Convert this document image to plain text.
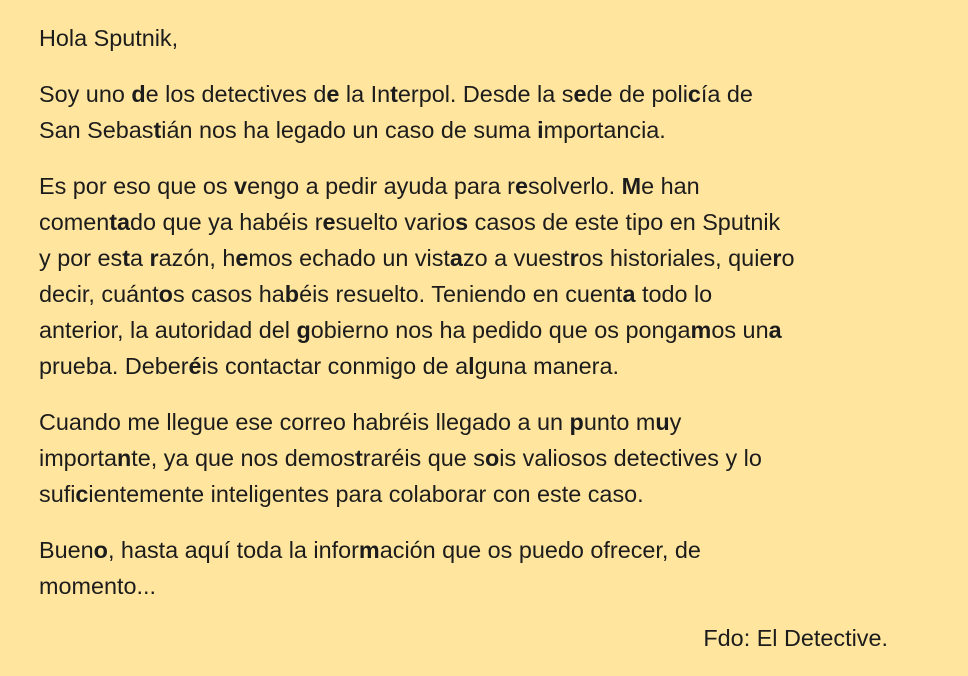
Hola Sputnik,
Soy uno de los detectives de la Interpol. Desde la sede de policía de
San Sebastián nos ha legado un caso de suma importancia.
Es por eso que os vengo a pedir ayuda para resolverlo. Me han
comentado que ya habéis resuelto varios casos de este tipo en Sputnik
y por esta razón, hemos echado un vistazo a vuestros historiales, quiero
decir, cuántos casos habéis resuelto. Teniendo en cuenta todo lo
anterior, la autoridad del gobierno nos ha pedido que os pongamos una
prueba. Deberéis contactar conmigo de alguna manera.
Cuando me llegue ese correo habréis llegado a un punto muy
importante, ya que nos demostraréis que sois valiosos detectives y lo
suficientemente inteligentes para colaborar con este caso.
Bueno, hasta aquí toda la información que os puedo ofrecer, de
momento...
Fdo: El Detective.
